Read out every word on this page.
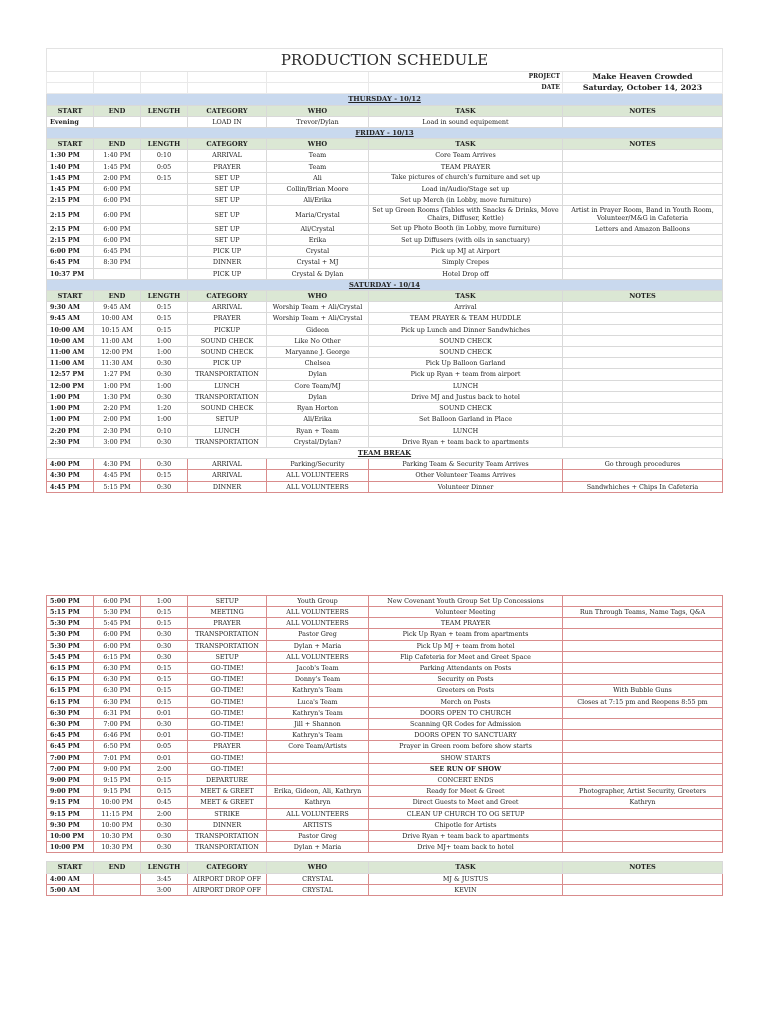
PRODUCTION SCHEDULE						
					PROJECT	Make Heaven Crowded
					DATE	Saturday, October 14, 2023
THURSDAY - 10/12						
START	END	LENGTH	CATEGORY	WHO	TASK	NOTES
Evening			LOAD IN	Trevor/Dylan	Load in sound equipement	
FRIDAY - 10/13						
START	END	LENGTH	CATEGORY	WHO	TASK	NOTES
1:30 PM	1:40 PM	0:10	ARRIVAL	Team	Core Team Arrives	
1:40 PM	1:45 PM	0:05	PRAYER	Team	TEAM PRAYER	
1:45 PM	2:00 PM	0:15	SET UP	Ali	Take pictures of church's furniture and set up	
1:45 PM	6:00 PM		SET UP	Collin/Brian Moore	Load in/Audio/Stage set up	
2:15 PM	6:00 PM		SET UP	Ali/Erika	Set up Merch (in Lobby, move furniture)	
2:15 PM	6:00 PM		SET UP	Maria/Crystal	Set up Green Rooms (Tables with Snacks & Drinks, Move Chairs, Diffuser, Kettle)	Artist in Prayer Room, Band in Youth Room, Volunteer/M&G in Cafeteria
2:15 PM	6:00 PM		SET UP	Ali/Crystal	Set up Photo Booth (in Lobby, move furniture)	Letters and Amazon Balloons
2:15 PM	6:00 PM		SET UP	Erika	Set up Diffusers (with oils in sanctuary)	
6:00 PM	6:45 PM		PICK UP	Crystal	Pick up MJ at Airport	
6:45 PM	8:30 PM		DINNER	Crystal + MJ	Simply Crepes	
10:37 PM			PICK UP	Crystal & Dylan	Hotel Drop off	
SATURDAY - 10/14						
START	END	LENGTH	CATEGORY	WHO	TASK	NOTES
9:30 AM	9:45 AM	0:15	ARRIVAL	Worship Team + Ali/Crystal	Arrival	
9:45 AM	10:00 AM	0:15	PRAYER	Worship Team + Ali/Crystal	TEAM PRAYER & TEAM HUDDLE	
10:00 AM	10:15 AM	0:15	PICKUP	Gideon	Pick up Lunch and Dinner Sandwhiches	
10:00 AM	11:00 AM	1:00	SOUND CHECK	Like No Other	SOUND CHECK	
11:00 AM	12:00 PM	1:00	SOUND CHECK	Maryanne J. George	SOUND CHECK	
11:00 AM	11:30 AM	0:30	PICK UP	Chelsea	Pick Up Balloon Garland	
12:57 PM	1:27 PM	0:30	TRANSPORTATION	Dylan	Pick up Ryan + team from airport	
12:00 PM	1:00 PM	1:00	LUNCH	Core Team/MJ	LUNCH	
1:00 PM	1:30 PM	0:30	TRANSPORTATION	Dylan	Drive MJ and Justus back to hotel	
1:00 PM	2:20 PM	1:20	SOUND CHECK	Ryan Horton	SOUND CHECK	
1:00 PM	2:00 PM	1:00	SETUP	Ali/Erika	Set Balloon Garland in Place	
2:20 PM	2:30 PM	0:10	LUNCH	Ryan + Team	LUNCH	
2:30 PM	3:00 PM	0:30	TRANSPORTATION	Crystal/Dylan?	Drive Ryan + team back to apartments	
TEAM BREAK						
4:00 PM	4:30 PM	0:30	ARRIVAL	Parking/Security	Parking Team & Security Team Arrives	Go through procedures
4:30 PM	4:45 PM	0:15	ARRIVAL	ALL VOLUNTEERS	Other Volunteer Teams Arrives	
4:45 PM	5:15 PM	0:30	DINNER	ALL VOLUNTEERS	Volunteer Dinner	Sandwhiches + Chips In Cafeteria

5:00 PM	6:00 PM	1:00	SETUP	Youth Group	New Covenant Youth Group Set Up Concessions	
5:15 PM	5:30 PM	0:15	MEETING	ALL VOLUNTEERS	Volunteer Meeting	Run Through Teams, Name Tags, Q&A
5:30 PM	5:45 PM	0:15	PRAYER	ALL VOLUNTEERS	TEAM PRAYER	
5:30 PM	6:00 PM	0:30	TRANSPORTATION	Pastor Greg	Pick Up Ryan + team from apartments	
5:30 PM	6:00 PM	0:30	TRANSPORTATION	Dylan + Maria	Pick Up MJ + team from hotel	
5:45 PM	6:15 PM	0:30	SETUP	ALL VOLUNTEERS	Flip Cafeteria for Meet and Greet Space	
6:15 PM	6:30 PM	0:15	GO-TIME!	Jacob's Team	Parking Attendants on Posts	
6:15 PM	6:30 PM	0:15	GO-TIME!	Donny's Team	Security on Posts	
6:15 PM	6:30 PM	0:15	GO-TIME!	Kathryn's Team	Greeters on Posts	With Bubble Guns
6:15 PM	6:30 PM	0:15	GO-TIME!	Luca's Team	Merch on Posts	Closes at 7:15 pm and Reopens 8:55 pm
6:30 PM	6:31 PM	0:01	GO-TIME!	Kathryn's Team	DOORS OPEN TO CHURCH	
6:30 PM	7:00 PM	0:30	GO-TIME!	Jill + Shannon	Scanning QR Codes for Admission	
6:45 PM	6:46 PM	0:01	GO-TIME!	Kathryn's Team	DOORS OPEN TO SANCTUARY	
6:45 PM	6:50 PM	0:05	PRAYER	Core Team/Artists	Prayer in Green room before show starts	
7:00 PM	7:01 PM	0:01	GO-TIME!		SHOW STARTS	
7:00 PM	9:00 PM	2:00	GO-TIME!		SEE RUN OF SHOW	
9:00 PM	9:15 PM	0:15	DEPARTURE		CONCERT ENDS	
9:00 PM	9:15 PM	0:15	MEET & GREET	Erika, Gideon, Ali, Kathryn	Ready for Meet & Greet	Photographer, Artist Security, Greeters
9:15 PM	10:00 PM	0:45	MEET & GREET	Kathryn	Direct Guests to Meet and Greet	Kathryn
9:15 PM	11:15 PM	2:00	STRIKE	ALL VOLUNTEERS	CLEAN UP CHURCH TO OG SETUP	
9:30 PM	10:00 PM	0:30	DINNER	ARTISTS	Chipotle for Artists	
10:00 PM	10:30 PM	0:30	TRANSPORTATION	Pastor Greg	Drive Ryan + team back to apartments	
10:00 PM	10:30 PM	0:30	TRANSPORTATION	Dylan + Maria	Drive MJ+ team back to hotel	

START	END	LENGTH	CATEGORY	WHO	TASK	NOTES
4:00 AM		3:45	AIRPORT DROP OFF	CRYSTAL	MJ & JUSTUS	
5:00 AM		3:00	AIRPORT DROP OFF	CRYSTAL	KEVIN	
